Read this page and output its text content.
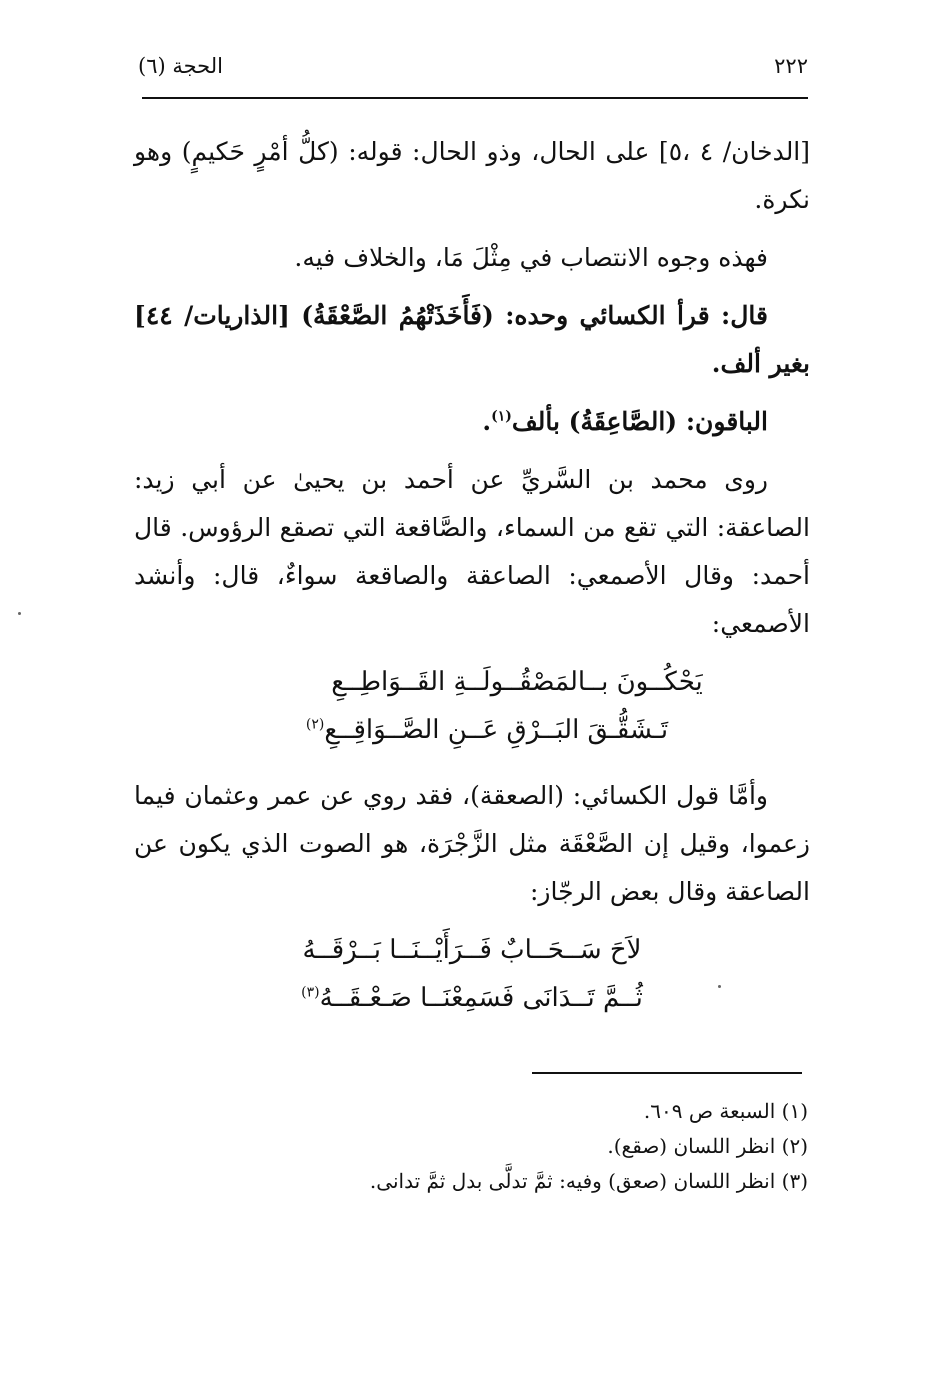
٢٢٢
الحجة (٦)

[الدخان/ ٤ ،٥] على الحال، وذو الحال: قوله: (كلُّ أمْرٍ حَكيمٍ) وهو نكرة.

فهذه وجوه الانتصاب في مِثْلَ مَا، والخلاف فيه.

قال: قرأ الكسائي وحده: (فَأَخَذَتْهُمُ الصَّعْقَةُ) [الذاريات/ ٤٤] بغير ألف.

الباقون: (الصَّاعِقَةُ) بألف$^{(١)}$.

روى محمد بن السَّريِّ عن أحمد بن يحيىٰ عن أبي زيد: الصاعقة: التي تقع من السماء، والصَّاقعة التي تصقع الرؤوس. قال أحمد: وقال الأصمعي: الصاعقة والصاقعة سواءٌ، قال: وأنشد الأصمعي:

يَحْكُــونَ بــالمَصْقُــولَــةِ القَــوَاطِــعِ
تَـشَقُّـقَ البَــرْقِ عَــنِ الصَّــوَاقِــعِ$^{(٢)}$

وأمَّا قول الكسائي: (الصعقة)، فقد روي عن عمر وعثمان فيما زعموا، وقيل إن الصَّعْقَة مثل الزَّجْرَة، هو الصوت الذي يكون عن الصاعقة وقال بعض الرجّاز:

لاَحَ سَــحَــابٌ فَــرَأَيْــنَــا بَــرْقَــهُ
ثُــمَّ تَــدَانَى فَسَمِعْنَــا صَـعْـقَــهُ$^{(٣)}$
(١) السبعة ص ٦٠٩.
(٢) انظر اللسان (صقع).
(٣) انظر اللسان (صعق) وفيه: ثمَّ تدلَّى بدل ثمَّ تدانى.
